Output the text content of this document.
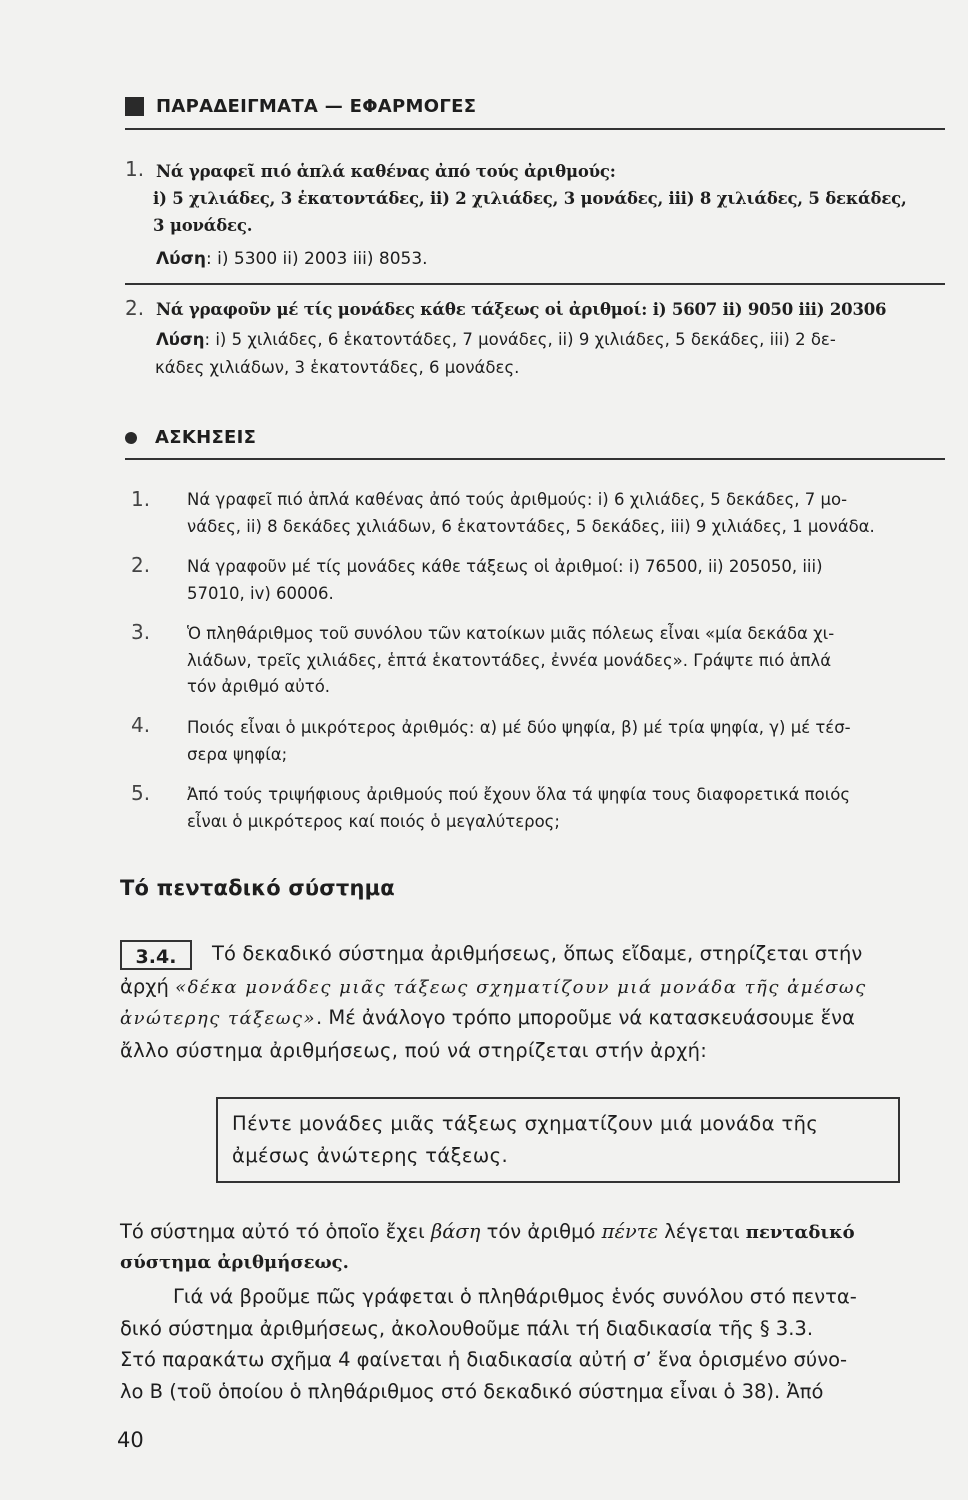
ΠΑΡΑΔΕΙΓΜΑΤΑ — ΕΦΑΡΜΟΓΕΣ
1. Νά γραφεῖ πιό ἁπλά καθένας ἀπό τούς ἀριθμούς:
i) 5 χιλιάδες, 3 ἑκατοντάδες, ii) 2 χιλιάδες, 3 μονάδες, iii) 8 χιλιάδες, 5 δεκάδες,
3 μονάδες.
Λύση: i) 5300 ii) 2003 iii) 8053.
2. Νά γραφοῦν μέ τίς μονάδες κάθε τάξεως οἱ ἀριθμοί: i) 5607 ii) 9050 iii) 20306
Λύση: i) 5 χιλιάδες, 6 ἑκατοντάδες, 7 μονάδες, ii) 9 χιλιάδες, 5 δεκάδες, iii) 2 δε-
κάδες χιλιάδων, 3 ἑκατοντάδες, 6 μονάδες.
ΑΣΚΗΣΕΙΣ
1. Νά γραφεῖ πιό ἁπλά καθένας ἀπό τούς ἀριθμούς: i) 6 χιλιάδες, 5 δεκάδες, 7 μο-
νάδες, ii) 8 δεκάδες χιλιάδων, 6 ἑκατοντάδες, 5 δεκάδες, iii) 9 χιλιάδες, 1 μονάδα.
2. Νά γραφοῦν μέ τίς μονάδες κάθε τάξεως οἱ ἀριθμοί: i) 76500, ii) 205050, iii)
57010, iv) 60006.
3. Ὁ πληθάριθμος τοῦ συνόλου τῶν κατοίκων μιᾶς πόλεως εἶναι «μία δεκάδα χι-
λιάδων, τρεῖς χιλιάδες, ἑπτά ἑκατοντάδες, ἐννέα μονάδες». Γράψτε πιό ἁπλά
τόν ἀριθμό αὐτό.
4. Ποιός εἶναι ὁ μικρότερος ἀριθμός: α) μέ δύο ψηφία, β) μέ τρία ψηφία, γ) μέ τέσ-
σερα ψηφία;
5. Ἀπό τούς τριψήφιους ἀριθμούς πού ἔχουν ὅλα τά ψηφία τους διαφορετικά ποιός
εἶναι ὁ μικρότερος καί ποιός ὁ μεγαλύτερος;
Τό πενταδικό σύστημα
3.4.	Τό δεκαδικό σύστημα ἀριθμήσεως, ὅπως εἴδαμε, στηρίζεται στήν
ἀρχή «δέκα μονάδες μιᾶς τάξεως σχηματίζουν μιά μονάδα τῆς ἀμέσως
ἀνώτερης τάξεως». Μέ ἀνάλογο τρόπο μποροῦμε νά κατασκευάσουμε ἕνα
ἄλλο σύστημα ἀριθμήσεως, πού νά στηρίζεται στήν ἀρχή:
Πέντε μονάδες μιᾶς τάξεως σχηματίζουν μιά μονάδα τῆς
ἀμέσως ἀνώτερης τάξεως.
Τό σύστημα αὐτό τό ὁποῖο ἔχει βάση τόν ἀριθμό πέντε λέγεται πενταδικό
σύστημα ἀριθμήσεως.
Γιά νά βροῦμε πῶς γράφεται ὁ πληθάριθμος ἑνός συνόλου στό πεντα-
δικό σύστημα ἀριθμήσεως, ἀκολουθοῦμε πάλι τή διαδικασία τῆς § 3.3.
Στό παρακάτω σχῆμα 4 φαίνεται ἡ διαδικασία αὐτή σ’ ἕνα ὁρισμένο σύνο-
λο Β (τοῦ ὁποίου ὁ πληθάριθμος στό δεκαδικό σύστημα εἶναι ὁ 38). Ἀπό
40
